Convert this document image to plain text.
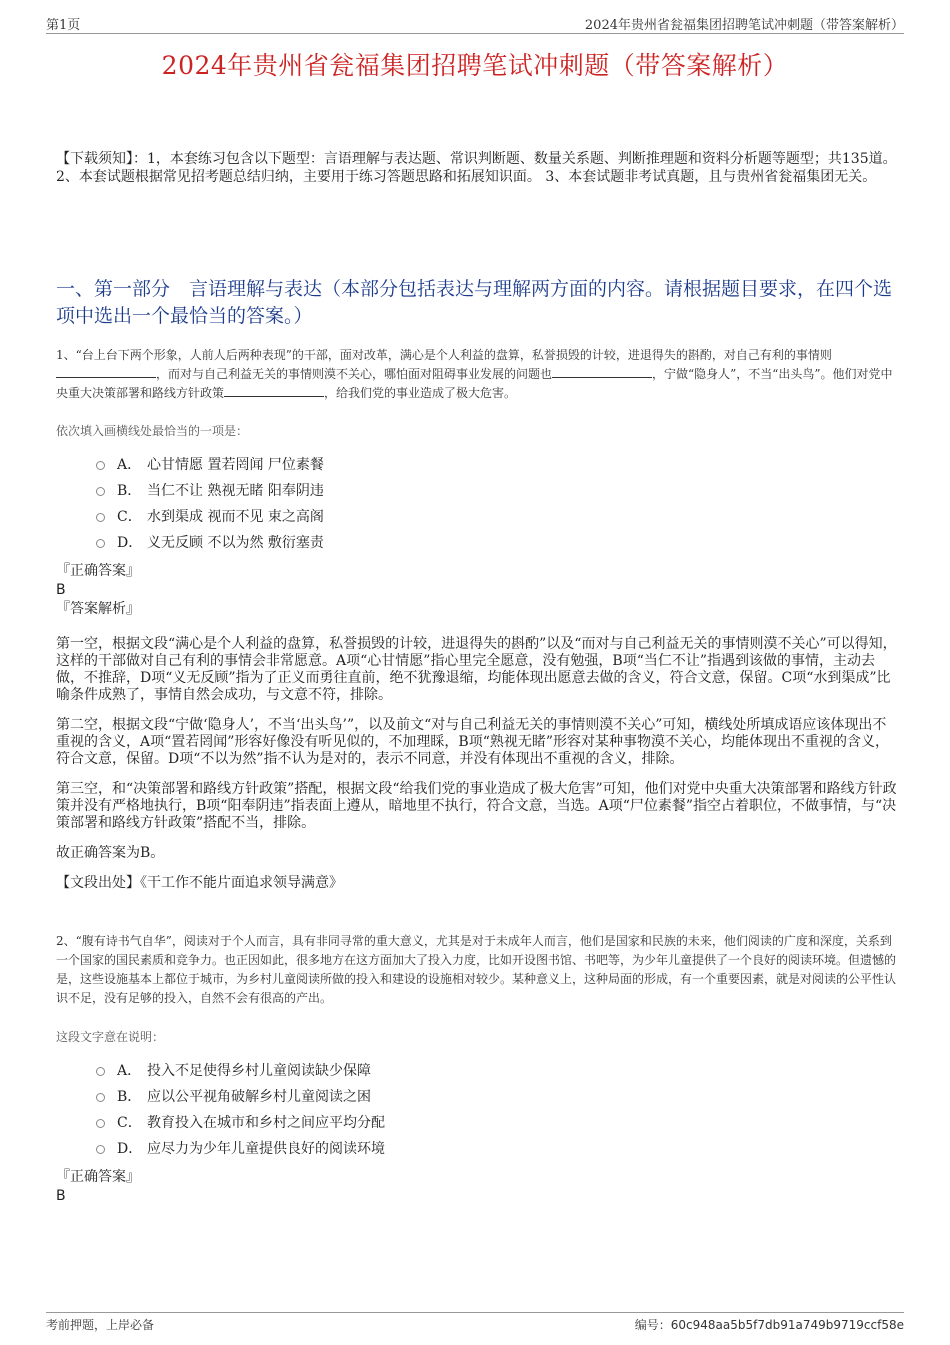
第1页	2024年贵州省瓮福集团招聘笔试冲刺题（带答案解析）
2024年贵州省瓮福集团招聘笔试冲刺题（带答案解析）

【下载须知】：1，本套练习包含以下题型：言语理解与表达题、常识判断题、数量关系题、判断推理题和资料分析题等题型；共135道。 2、本套试题根据常见招考题总结归纳，主要用于练习答题思路和拓展知识面。 3、本套试题非考试真题，且与贵州省瓮福集团无关。

一、第一部分　言语理解与表达（本部分包括表达与理解两方面的内容。请根据题目要求，在四个选项中选出一个最恰当的答案。）

1、“台上台下两个形象，人前人后两种表现”的干部，面对改革，满心是个人利益的盘算，私誉损毁的计较，进退得失的斟酌，对自己有利的事情则，而对与自己利益无关的事情则漠不关心，哪怕面对阻碍事业发展的问题也	，宁做“隐身人”，不当“出头鸟”。他们对党中央重大决策部署和路线方针政策	，给我们党的事业造成了极大危害。

依次填入画横线处最恰当的一项是：

A． 心甘情愿 置若罔闻 尸位素餐
B． 当仁不让 熟视无睹 阳奉阴违
C． 水到渠成 视而不见 束之高阁
D． 义无反顾 不以为然 敷衍塞责

『正确答案』

B

『答案解析』

第一空，根据文段“满心是个人利益的盘算，私誉损毁的计较，进退得失的斟酌”以及“而对与自己利益无关的事情则漠不关心”可以得知，这样的干部做对自己有利的事情会非常愿意。A项“心甘情愿”指心里完全愿意，没有勉强，B项“当仁不让”指遇到该做的事情，主动去做，不推辞，D项“义无反顾”指为了正义而勇往直前，绝不犹豫退缩，均能体现出愿意去做的含义，符合文意，保留。C项“水到渠成”比喻条件成熟了，事情自然会成功，与文意不符，排除。

第二空，根据文段“宁做‘隐身人’，不当‘出头鸟’”，以及前文“对与自己利益无关的事情则漠不关心”可知，横线处所填成语应该体现出不重视的含义，A项“置若罔闻”形容好像没有听见似的，不加理睬，B项“熟视无睹”形容对某种事物漠不关心，均能体现出不重视的含义，符合文意，保留。D项“不以为然”指不认为是对的，表示不同意，并没有体现出不重视的含义，排除。

第三空，和“决策部署和路线方针政策”搭配，根据文段“给我们党的事业造成了极大危害”可知，他们对党中央重大决策部署和路线方针政策并没有严格地执行，B项“阳奉阴违”指表面上遵从，暗地里不执行，符合文意，当选。A项“尸位素餐”指空占着职位，不做事情，与“决策部署和路线方针政策”搭配不当，排除。

故正确答案为B。

【文段出处】《干工作不能片面追求领导满意》

2、“腹有诗书气自华”，阅读对于个人而言，具有非同寻常的重大意义，尤其是对于未成年人而言，他们是国家和民族的未来，他们阅读的广度和深度，关系到一个国家的国民素质和竞争力。也正因如此，很多地方在这方面加大了投入力度，比如开设图书馆、书吧等，为少年儿童提供了一个良好的阅读环境。但遗憾的是，这些设施基本上都位于城市，为乡村儿童阅读所做的投入和建设的设施相对较少。某种意义上，这种局面的形成，有一个重要因素，就是对阅读的公平性认识不足，没有足够的投入，自然不会有很高的产出。

这段文字意在说明：

A． 投入不足使得乡村儿童阅读缺少保障
B． 应以公平视角破解乡村儿童阅读之困
C． 教育投入在城市和乡村之间应平均分配
D． 应尽力为少年儿童提供良好的阅读环境

『正确答案』

B

考前押题，上岸必备	编号：60c948aa5b5f7db91a749b9719ccf58e
